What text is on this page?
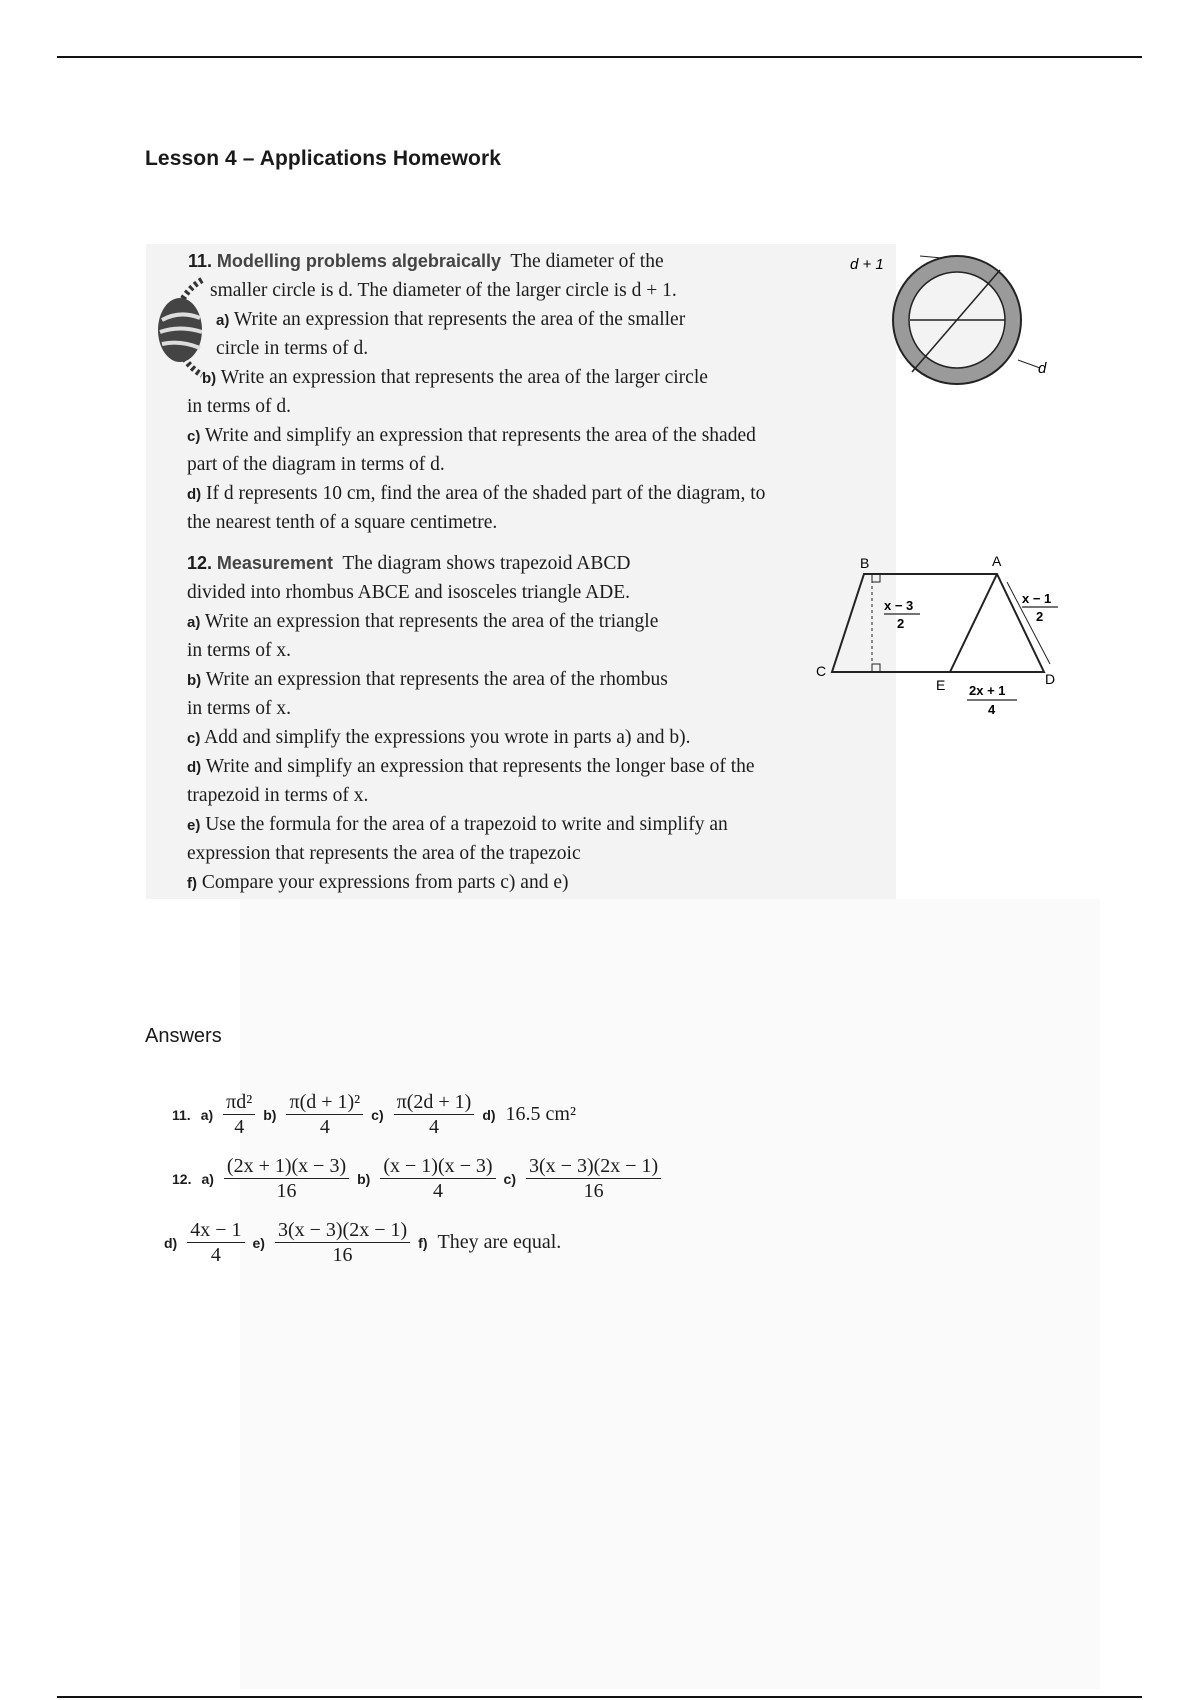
Lesson 4 – Applications Homework
11. Modelling problems algebraically The diameter of the
smaller circle is d. The diameter of the larger circle is d + 1.
a) Write an expression that represents the area of the smaller
circle in terms of d.
b) Write an expression that represents the area of the larger circle
in terms of d.
c) Write and simplify an expression that represents the area of the shaded
part of the diagram in terms of d.
d) If d represents 10 cm, find the area of the shaded part of the diagram, to
the nearest tenth of a square centimetre.
d + 1
d
12. Measurement The diagram shows trapezoid ABCD
divided into rhombus ABCE and isosceles triangle ADE.
a) Write an expression that represents the area of the triangle
in terms of x.
b) Write an expression that represents the area of the rhombus
in terms of x.
c) Add and simplify the expressions you wrote in parts a) and b).
d) Write and simplify an expression that represents the longer base of the
trapezoid in terms of x.
e) Use the formula for the area of a trapezoid to write and simplify an
expression that represents the area of the trapezoic
f) Compare your expressions from parts c) and e)
B	A
C
E	D
x − 3
2
x − 1
2
2x + 1
4
Answers
11. $a) \frac{\text{πd²}}{4} b) \frac{\text{π(d + 1)²}}{4} c) \frac{\pi(2d + 1)}{4} d$) 16.5 cm²
12. $a) \frac{(2x + 1)(x - 3)}{16} b) \frac{(x - 1)(x - 3)}{4} c) \frac{3(x - 3)(2x - 1)}{16}$
$d) \frac{4x - 1}{4} e) \frac{3(x - 3)(2x - 1)}{16} f$) They are equal.
